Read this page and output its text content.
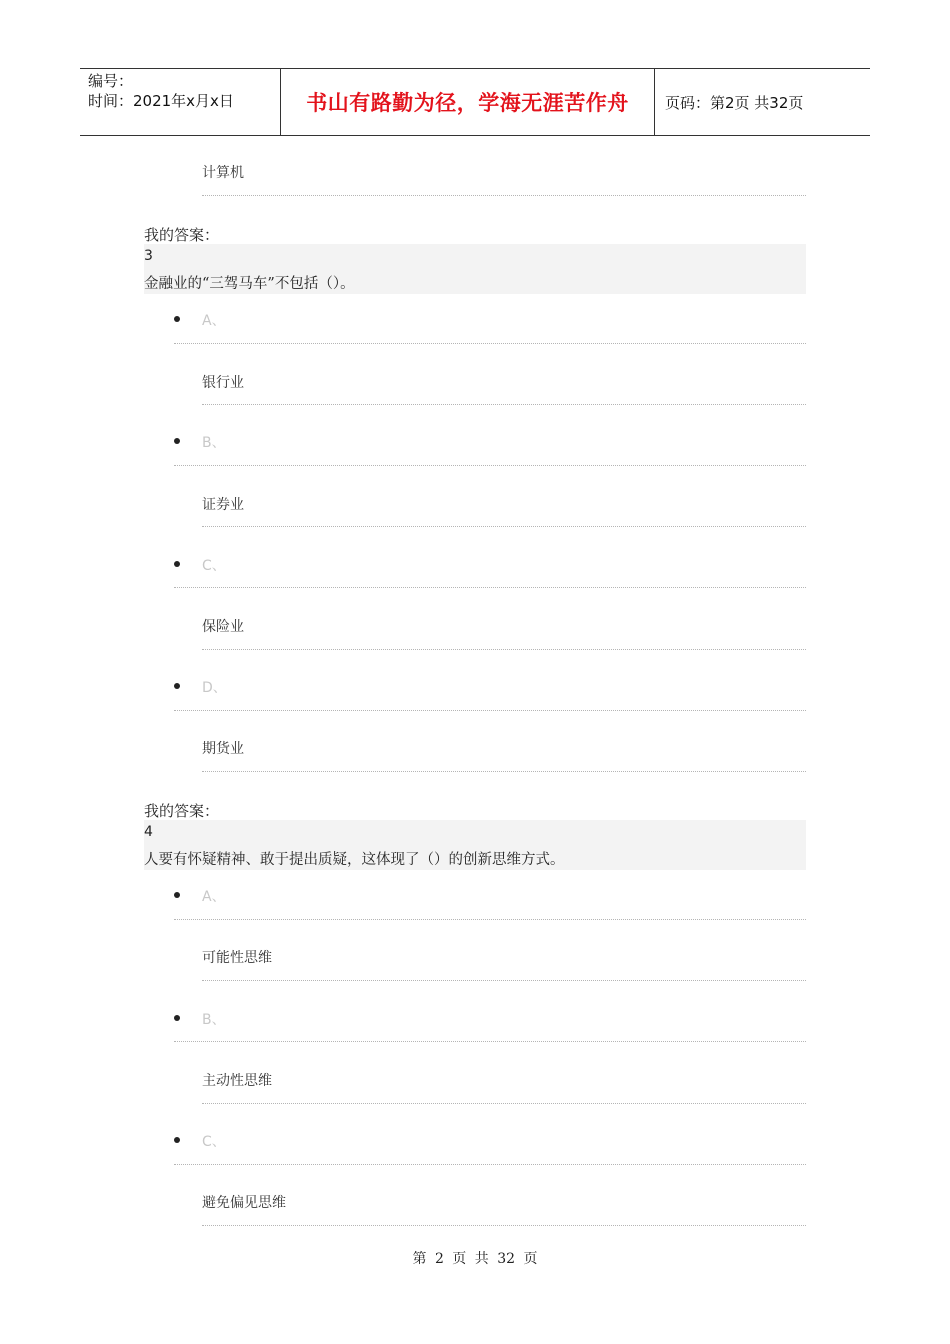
编号：
时间：2021年x月x日	书山有路勤为径，学海无涯苦作舟 页码：第2页 共32页
计算机
我的答案：
3
金融业的“三驾马车”不包括（）。
A、
银行业
B、
证券业
C、
保险业
D、
期货业
我的答案：
4
人要有怀疑精神、敢于提出质疑，这体现了（）的创新思维方式。
A、
可能性思维
B、
主动性思维
C、
避免偏见思维
第 2 页 共 32 页
